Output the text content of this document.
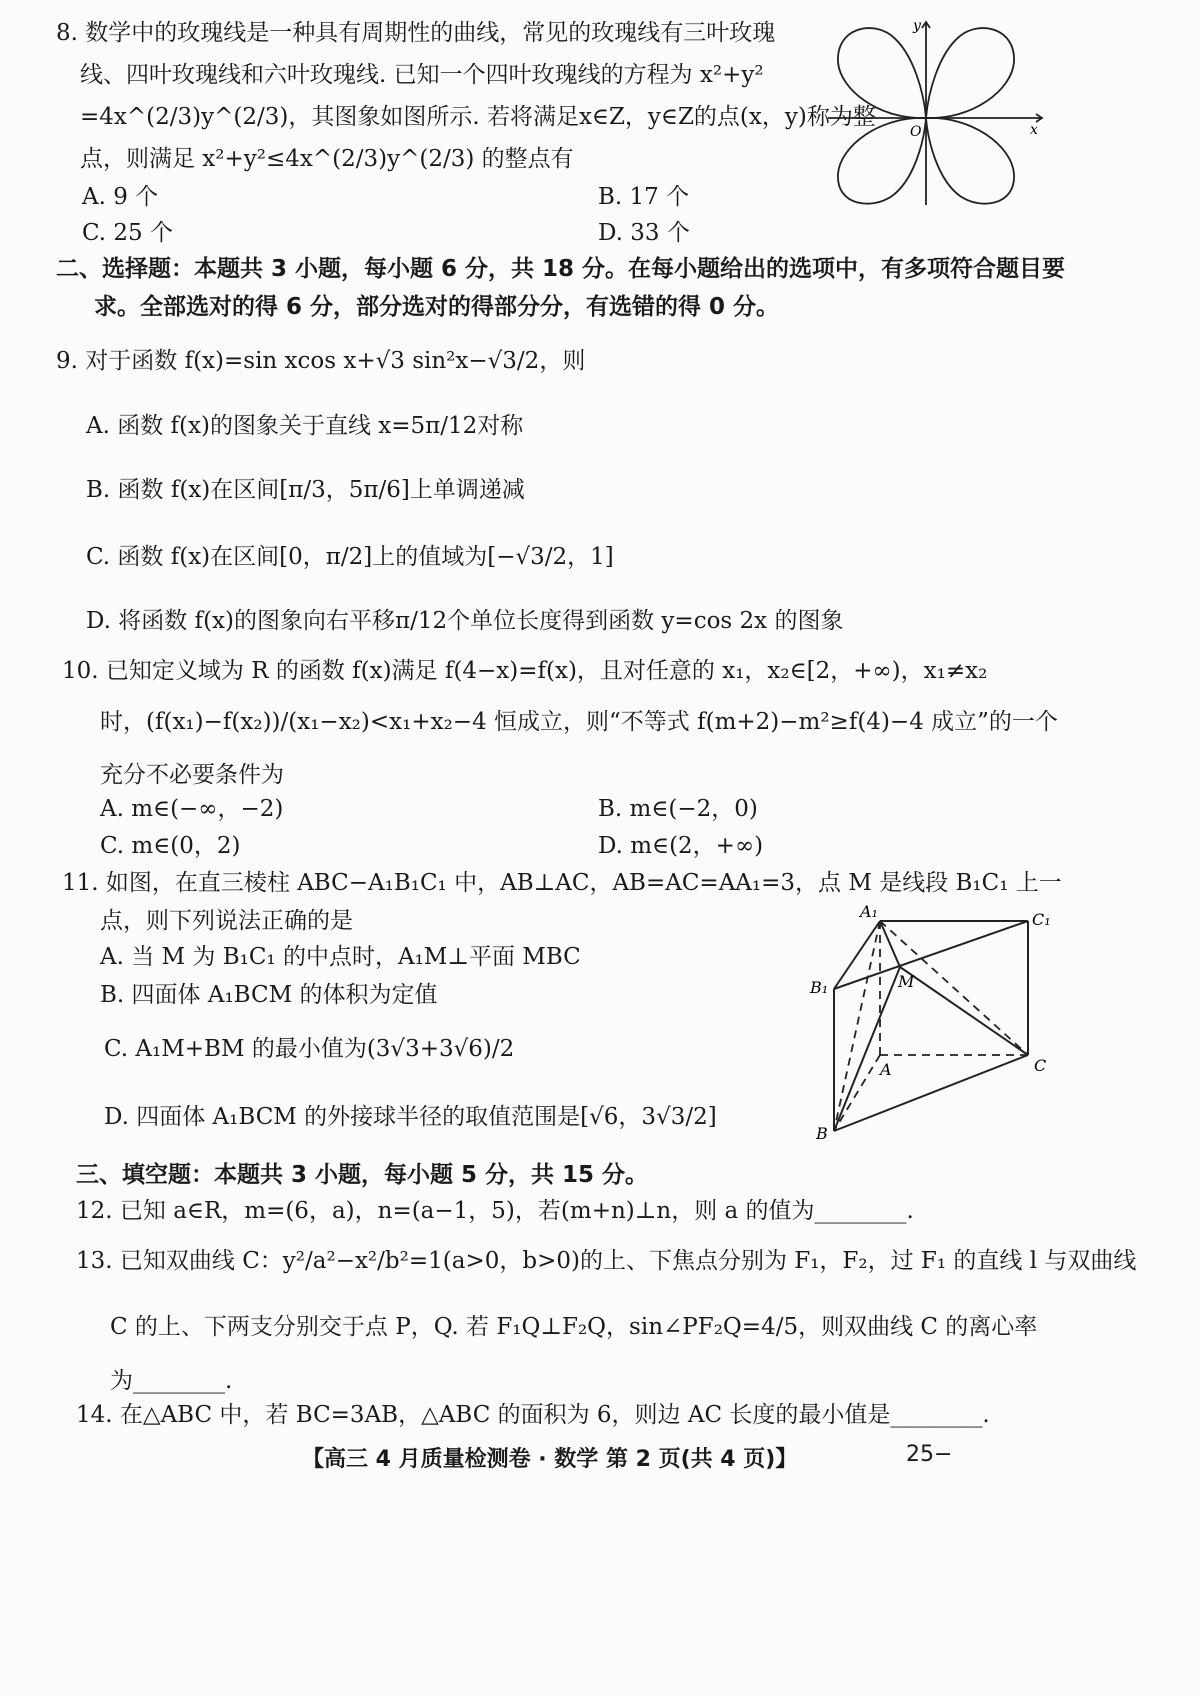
8. 数学中的玫瑰线是一种具有周期性的曲线，常见的玫瑰线有三叶玫瑰
线、四叶玫瑰线和六叶玫瑰线. 已知一个四叶玫瑰线的方程为 x²+y²
=4x^(2/3)y^(2/3)，其图象如图所示. 若将满足x∈Z，y∈Z的点(x，y)称为整
点，则满足 x²+y²≤4x^(2/3)y^(2/3) 的整点有
A. 9 个	B. 17 个
C. 25 个	D. 33 个
x
y
O
二、选择题：本题共 3 小题，每小题 6 分，共 18 分。在每小题给出的选项中，有多项符合题目要
求。全部选对的得 6 分，部分选对的得部分分，有选错的得 0 分。
9. 对于函数 f(x)=sin xcos x+√3 sin²x−√3/2，则
A. 函数 f(x)的图象关于直线 x=5π/12对称
B. 函数 f(x)在区间[π/3，5π/6]上单调递减
C. 函数 f(x)在区间[0，π/2]上的值域为[−√3/2，1]
D. 将函数 f(x)的图象向右平移π/12个单位长度得到函数 y=cos 2x 的图象
10. 已知定义域为 R 的函数 f(x)满足 f(4−x)=f(x)，且对任意的 x₁，x₂∈[2，+∞)，x₁≠x₂
时，(f(x₁)−f(x₂))/(x₁−x₂)<x₁+x₂−4 恒成立，则“不等式 f(m+2)−m²≥f(4)−4 成立”的一个
充分不必要条件为
A. m∈(−∞，−2)	B. m∈(−2，0)
C. m∈(0，2)	D. m∈(2，+∞)
11. 如图，在直三棱柱 ABC−A₁B₁C₁ 中，AB⊥AC，AB=AC=AA₁=3，点 M 是线段 B₁C₁ 上一
点，则下列说法正确的是
A. 当 M 为 B₁C₁ 的中点时，A₁M⊥平面 MBC
B. 四面体 A₁BCM 的体积为定值
C. A₁M+BM 的最小值为(3√3+3√6)/2
D. 四面体 A₁BCM 的外接球半径的取值范围是[√6，3√3/2]
A₁	C₁
B₁	M
A	C
B
三、填空题：本题共 3 小题，每小题 5 分，共 15 分。
12. 已知 a∈R，m=(6，a)，n=(a−1，5)，若(m+n)⊥n，则 a 的值为________.
13. 已知双曲线 C：y²/a²−x²/b²=1(a>0，b>0)的上、下焦点分别为 F₁，F₂，过 F₁ 的直线 l 与双曲线
C 的上、下两支分别交于点 P，Q. 若 F₁Q⊥F₂Q，sin∠PF₂Q=4/5，则双曲线 C 的离心率
为________.
14. 在△ABC 中，若 BC=3AB，△ABC 的面积为 6，则边 AC 长度的最小值是________.
【高三 4 月质量检测卷 · 数学 第 2 页(共 4 页)】	25−
